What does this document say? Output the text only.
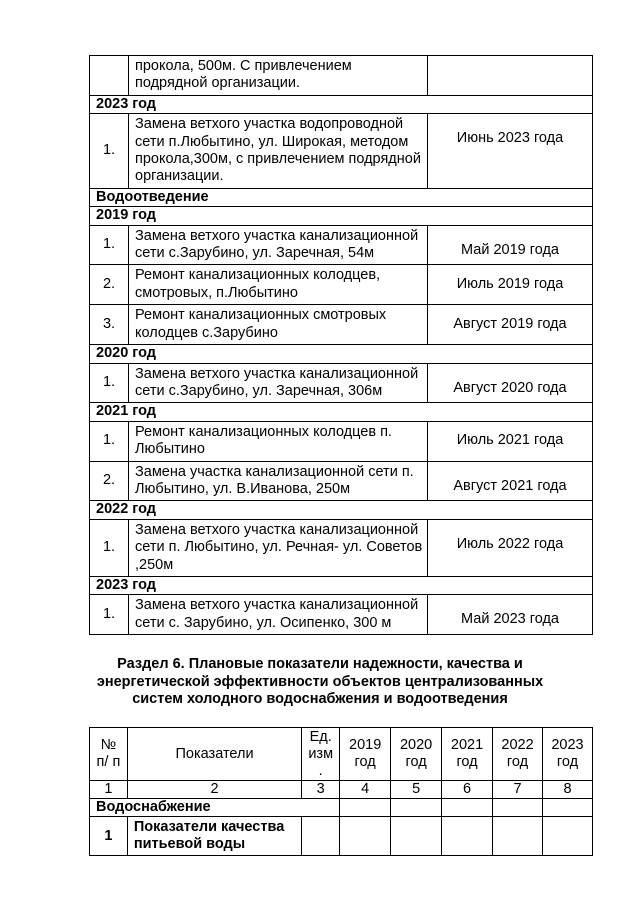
	прокола, 500м. С привлечением подрядной организации.	
2023 год		
1.	Замена ветхого участка водопроводной сети п.Любытино, ул. Широкая, методом прокола,300м, с привлечением подрядной организации.	Июнь 2023 года
Водоотведение		
2019 год		
1.	Замена ветхого участка канализационной сети с.Зарубино, ул. Заречная, 54м	Май 2019 года
2.	Ремонт канализационных колодцев, смотровых, п.Любытино	Июль 2019 года
3.	Ремонт канализационных смотровых колодцев с.Зарубино	Август 2019 года
2020 год		
1.	Замена ветхого участка канализационной сети с.Зарубино, ул. Заречная, 306м	Август 2020 года
2021 год		
1.	Ремонт канализационных колодцев п. Любытино	Июль 2021 года
2.	Замена участка канализационной сети п. Любытино, ул. В.Иванова, 250м	Август 2021 года
2022 год		
1.	Замена ветхого участка канализационной сети п. Любытино, ул. Речная- ул. Советов ,250м	Июль 2022 года
2023 год		
1.	Замена ветхого участка канализационной сети с. Зарубино, ул. Осипенко, 300 м	Май 2023 года
Раздел 6. Плановые показатели надежности, качества и
энергетической эффективности объектов централизованных
систем холодного водоснабжения и водоотведения
№ п/ п	Показатели	Ед. изм .	2019 год	2020 год	2021 год	2022 год	2023 год
1	2	3	4	5	6	7	8
Водоснабжение							
1	Показатели качества питьевой воды						
